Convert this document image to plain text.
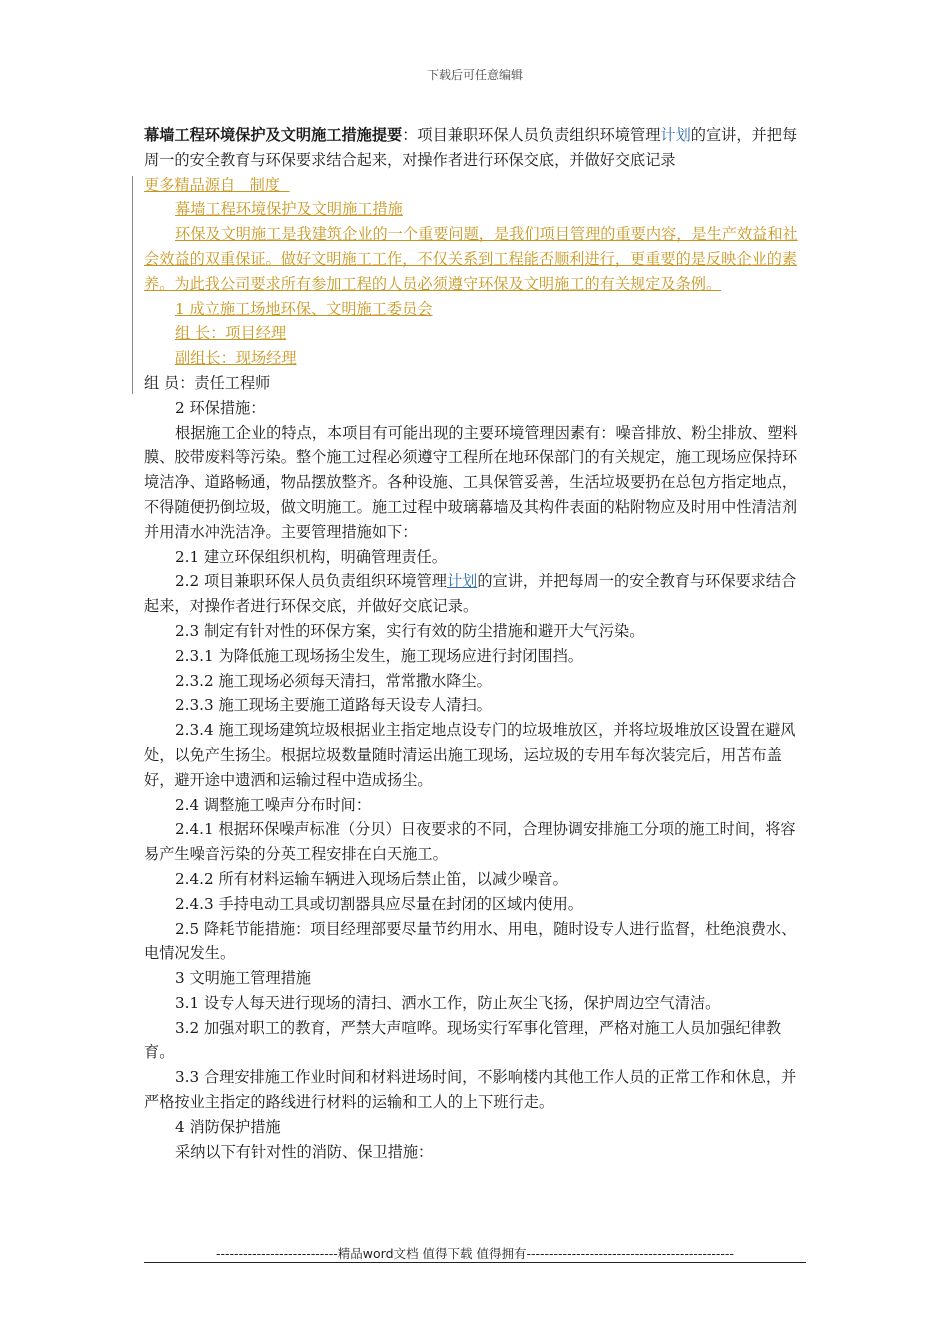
下载后可任意编辑

幕墙工程环境保护及文明施工措施提要：项目兼职环保人员负责组织环境管理计划的宣讲，并把每周一的安全教育与环保要求结合起来，对操作者进行环保交底，并做好交底记录

更多精品源自   制度

幕墙工程环境保护及文明施工措施

环保及文明施工是我建筑企业的一个重要问题，是我们项目管理的重要内容，是生产效益和社会效益的双重保证。做好文明施工工作，不仅关系到工程能否顺利进行，更重要的是反映企业的素养。为此我公司要求所有参加工程的人员必须遵守环保及文明施工的有关规定及条例。

1 成立施工场地环保、文明施工委员会

组 长：项目经理

副组长：现场经理

组 员：责任工程师

2 环保措施：

根据施工企业的特点，本项目有可能出现的主要环境管理因素有：噪音排放、粉尘排放、塑料膜、胶带废料等污染。整个施工过程必须遵守工程所在地环保部门的有关规定，施工现场应保持环境洁净、道路畅通，物品摆放整齐。各种设施、工具保管妥善，生活垃圾要扔在总包方指定地点，不得随便扔倒垃圾，做文明施工。施工过程中玻璃幕墙及其构件表面的粘附物应及时用中性清洁剂并用清水冲洗洁净。主要管理措施如下：

2.1 建立环保组织机构，明确管理责任。

2.2 项目兼职环保人员负责组织环境管理计划的宣讲，并把每周一的安全教育与环保要求结合起来，对操作者进行环保交底，并做好交底记录。

2.3 制定有针对性的环保方案，实行有效的防尘措施和避开大气污染。

2.3.1 为降低施工现场扬尘发生，施工现场应进行封闭围挡。

2.3.2 施工现场必须每天清扫，常常撒水降尘。

2.3.3 施工现场主要施工道路每天设专人清扫。

2.3.4 施工现场建筑垃圾根据业主指定地点设专门的垃圾堆放区，并将垃圾堆放区设置在避风处，以免产生扬尘。根据垃圾数量随时清运出施工现场，运垃圾的专用车每次装完后，用苫布盖好，避开途中遗洒和运输过程中造成扬尘。

2.4 调整施工噪声分布时间：

2.4.1 根据环保噪声标准（分贝）日夜要求的不同，合理协调安排施工分项的施工时间，将容易产生噪音污染的分英工程安排在白天施工。

2.4.2 所有材料运输车辆进入现场后禁止笛，以减少噪音。

2.4.3 手持电动工具或切割器具应尽量在封闭的区域内使用。

2.5 降耗节能措施：项目经理部要尽量节约用水、用电，随时设专人进行监督，杜绝浪费水、电情况发生。

3 文明施工管理措施

3.1 设专人每天进行现场的清扫、洒水工作，防止灰尘飞扬，保护周边空气清洁。

3.2 加强对职工的教育，严禁大声喧哗。现场实行军事化管理，严格对施工人员加强纪律教育。

3.3 合理安排施工作业时间和材料进场时间，不影响楼内其他工作人员的正常工作和休息，并严格按业主指定的路线进行材料的运输和工人的上下班行走。

4 消防保护措施

采纳以下有针对性的消防、保卫措施：

---------------------------精品word文档 值得下载 值得拥有----------------------------------------------
